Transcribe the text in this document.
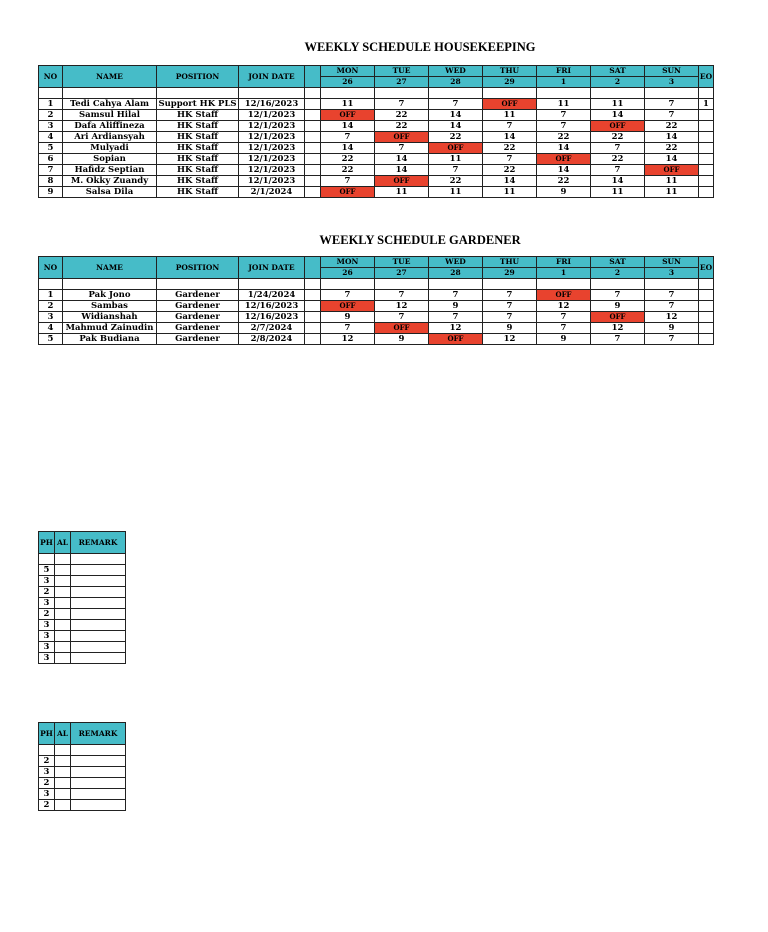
WEEKLY SCHEDULE HOUSEKEEPING
NO	NAME	POSITION	JOIN DATE		MON	TUE	WED	THU	FRI	SAT	SUN	EO
					26	27	28	29	1	2	3	

1	Tedi Cahya Alam	Support HK PLS	12/16/2023		11	7	7	OFF	11	11	7	1
2	Samsul Hilal	HK Staff	12/1/2023		OFF	22	14	11	7	14	7	
3	Dafa Aliffineza	HK Staff	12/1/2023		14	22	14	7	7	OFF	22	
4	Ari Ardiansyah	HK Staff	12/1/2023		7	OFF	22	14	22	22	14	
5	Mulyadi	HK Staff	12/1/2023		14	7	OFF	22	14	7	22	
6	Sopian	HK Staff	12/1/2023		22	14	11	7	OFF	22	14	
7	Hafidz Septian	HK Staff	12/1/2023		22	14	7	22	14	7	OFF	
8	M. Okky Zuandy	HK Staff	12/1/2023		7	OFF	22	14	22	14	11	
9	Salsa Dila	HK Staff	2/1/2024		OFF	11	11	11	9	11	11	
WEEKLY SCHEDULE GARDENER
NO	NAME	POSITION	JOIN DATE		MON	TUE	WED	THU	FRI	SAT	SUN	EO
					26	27	28	29	1	2	3	

1	Pak Jono	Gardener	1/24/2024		7	7	7	7	OFF	7	7	
2	Sambas	Gardener	12/16/2023		OFF	12	9	7	12	9	7	
3	Widianshah	Gardener	12/16/2023		9	7	7	7	7	OFF	12	
4	Mahmud Zainudin	Gardener	2/7/2024		7	OFF	12	9	7	12	9	
5	Pak Budiana	Gardener	2/8/2024		12	9	OFF	12	9	7	7	
PH	AL	REMARK

5		
3		
2		
3		
2		
3		
3		
3		
3		
PH	AL	REMARK

2		
3		
2		
3		
2		
